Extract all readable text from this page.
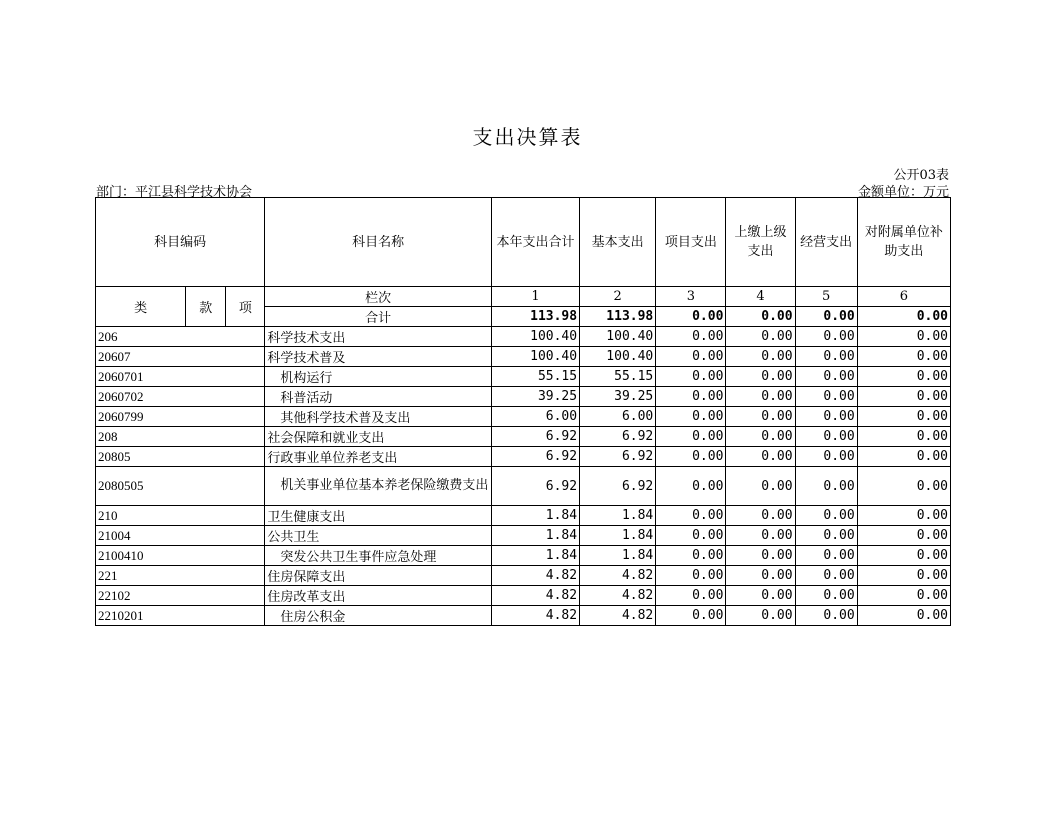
支出决算表
公开03表
部门：平江县科学技术协会	金额单位：万元
科目编码			科目名称	本年支出合计	基本支出	项目支出	上缴上级支出	经营支出	对附属单位补助支出
类	款	项	栏次	1	2	3	4	5	6
			合计	113.98	113.98	0.00	0.00	0.00	0.00
206			科学技术支出	100.40	100.40	0.00	0.00	0.00	0.00
20607			科学技术普及	100.40	100.40	0.00	0.00	0.00	0.00
2060701			机构运行	55.15	55.15	0.00	0.00	0.00	0.00
2060702			科普活动	39.25	39.25	0.00	0.00	0.00	0.00
2060799			其他科学技术普及支出	6.00	6.00	0.00	0.00	0.00	0.00
208			社会保障和就业支出	6.92	6.92	0.00	0.00	0.00	0.00
20805			行政事业单位养老支出	6.92	6.92	0.00	0.00	0.00	0.00
2080505			机关事业单位基本养老保险缴费支出	6.92	6.92	0.00	0.00	0.00	0.00
210			卫生健康支出	1.84	1.84	0.00	0.00	0.00	0.00
21004			公共卫生	1.84	1.84	0.00	0.00	0.00	0.00
2100410			突发公共卫生事件应急处理	1.84	1.84	0.00	0.00	0.00	0.00
221			住房保障支出	4.82	4.82	0.00	0.00	0.00	0.00
22102			住房改革支出	4.82	4.82	0.00	0.00	0.00	0.00
2210201			住房公积金	4.82	4.82	0.00	0.00	0.00	0.00
